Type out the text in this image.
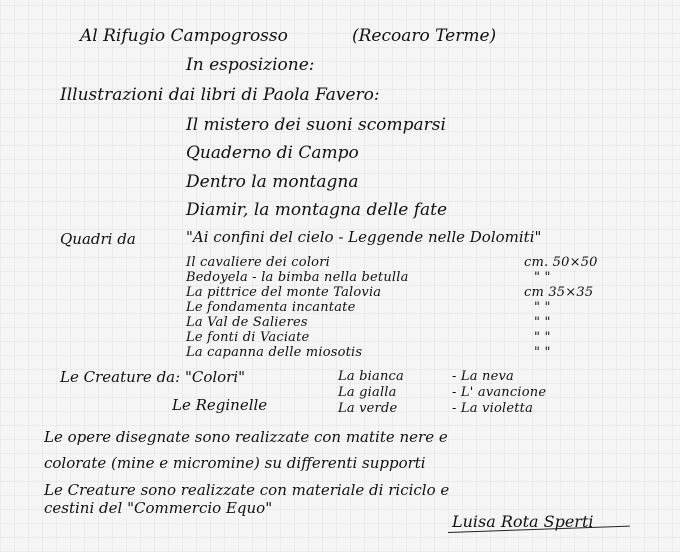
Al Rifugio Campogrosso	(Recoaro Terme)
In esposizione:
Illustrazioni dai libri di Paola Favero:
Il mistero dei suoni scomparsi
Quaderno di Campo
Dentro la montagna
Diamir, la montagna delle fate
Quadri da	"Ai confini del cielo - Leggende nelle Dolomiti"
Il cavaliere dei colori
Bedoyela - la bimba nella betulla
La pittrice del monte Talovia
Le fondamenta incantate
La Val de Salieres
Le fonti di Vaciate
La capanna delle miosotis
cm. 50×50
" "
cm 35×35
" "
" "
" "
" "
Le Creature da: "Colori"
Le Reginelle
La bianca
La gialla
La verde
- La neva
- L' avancione
- La violetta
Le opere disegnate sono realizzate con matite nere e
colorate (mine e micromine) su differenti supporti
Le Creature sono realizzate con materiale di riciclo e
cestini del "Commercio Equo"
Luisa Rota Sperti
